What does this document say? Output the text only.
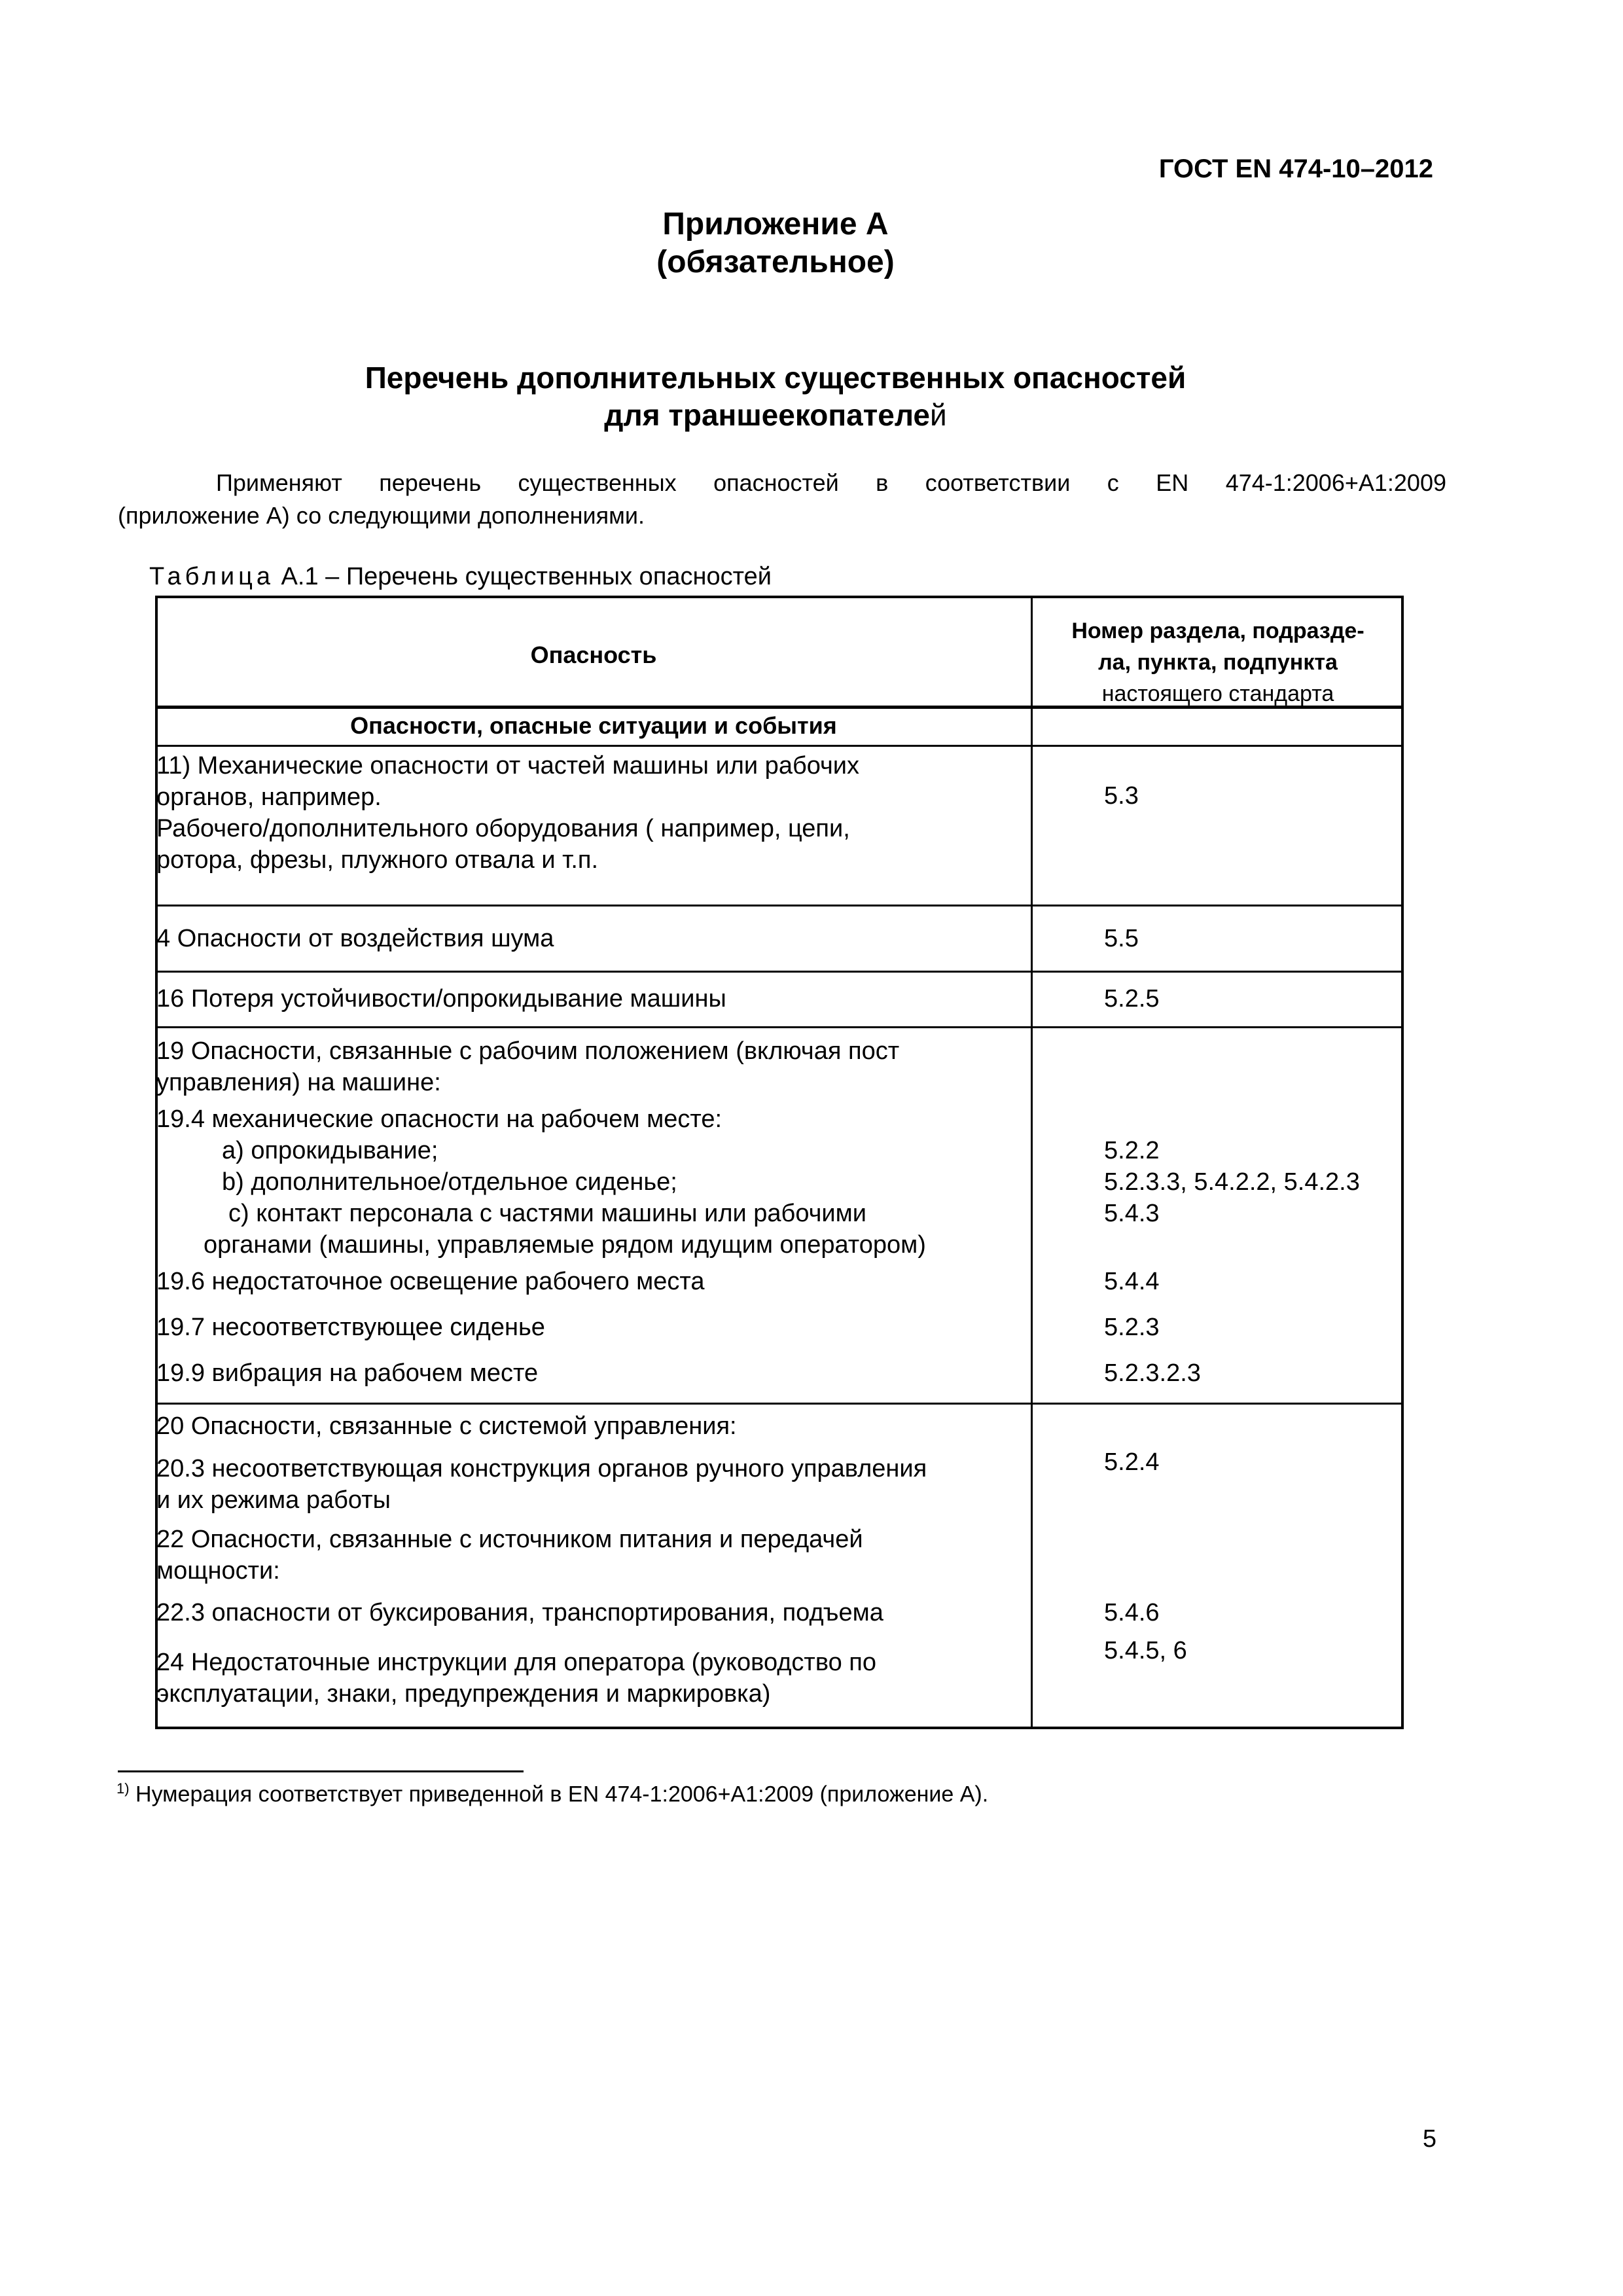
ГОСТ EN 474-10–2012
Приложение А
(обязательное)
Перечень дополнительных существенных опасностей
для траншеекопателей
Применяют перечень существенных опасностей в соответствии с EN 474-1:2006+A1:2009
(приложение А) со следующими дополнениями.
Таблица А.1 – Перечень существенных опасностей
Опасность
Номер раздела, подразде-
ла, пункта, подпункта
настоящего стандарта
Опасности, опасные ситуации и события
11) Механические опасности от частей машины или рабочих
органов, например.
Рабочего/дополнительного оборудования ( например, цепи,
ротора, фрезы, плужного отвала и т.п.
5.3
4 Опасности от воздействия шума	5.5
16 Потеря устойчивости/опрокидывание машины	5.2.5
19 Опасности, связанные с рабочим положением (включая пост
управления) на машине:
19.4 механические опасности на рабочем месте:
а) опрокидывание;
b) дополнительное/отдельное сиденье;
с) контакт персонала с частями машины или рабочими
органами (машины, управляемые рядом идущим оператором)
19.6 недостаточное освещение рабочего места
19.7 несоответствующее сиденье
19.9 вибрация на рабочем месте
5.2.2
5.2.3.3, 5.4.2.2, 5.4.2.3
5.4.3
5.4.4
5.2.3
5.2.3.2.3
20 Опасности, связанные с системой управления:
20.3 несоответствующая конструкция органов ручного управления
и их режима работы
22 Опасности, связанные с источником питания и передачей
мощности:
22.3 опасности от буксирования, транспортирования, подъема
24 Недостаточные инструкции для оператора (руководство по
эксплуатации, знаки, предупреждения и маркировка)
5.2.4
5.4.6
5.4.5, 6
$^{1)}$ Нумерация соответствует приведенной в EN 474-1:2006+A1:2009 (приложение А).
5
